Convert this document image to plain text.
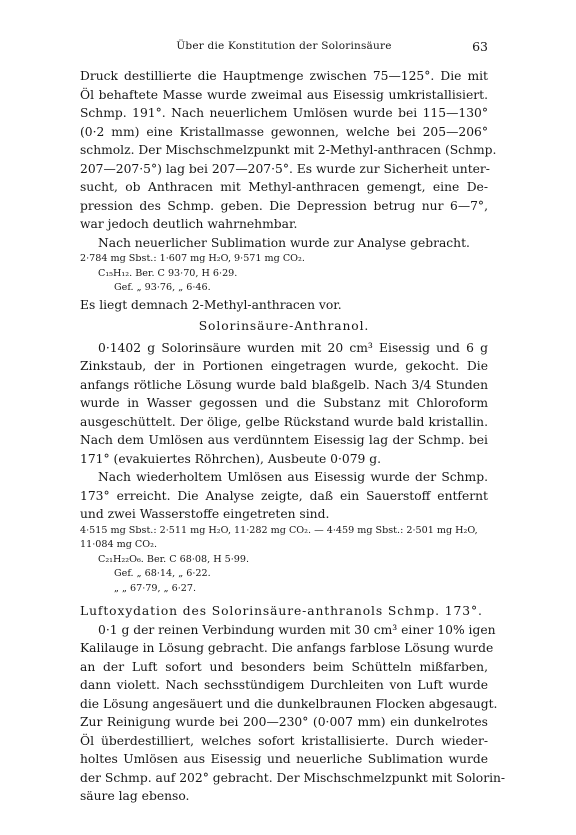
Über die Konstitution der Solorinsäure	63
Druck destillierte die Hauptmenge zwischen 75—125°. Die mit
Öl behaftete Masse wurde zweimal aus Eisessig umkristallisiert.
Schmp. 191°. Nach neuerlichem Umlösen wurde bei 115—130°
(0·2 mm) eine Kristallmasse gewonnen, welche bei 205—206°
schmolz. Der Mischschmelzpunkt mit 2-Methyl-anthracen (Schmp.
207—207·5°) lag bei 207—207·5°. Es wurde zur Sicherheit unter-
sucht, ob Anthracen mit Methyl-anthracen gemengt, eine De-
pression des Schmp. geben. Die Depression betrug nur 6—7°,
war jedoch deutlich wahrnehmbar.
Nach neuerlicher Sublimation wurde zur Analyse gebracht.
2·784 mg Sbst.: 1·607 mg H₂O, 9·571 mg CO₂.
C₁₅H₁₂. Ber. C 93·70, H 6·29.
Gef. „ 93·76, „ 6·46.
Es liegt demnach 2-Methyl-anthracen vor.
Solorinsäure-Anthranol.
0·1402 g Solorinsäure wurden mit 20 cm³ Eisessig und 6 g
Zinkstaub, der in Portionen eingetragen wurde, gekocht. Die
anfangs rötliche Lösung wurde bald blaßgelb. Nach 3/4 Stunden
wurde in Wasser gegossen und die Substanz mit Chloroform
ausgeschüttelt. Der ölige, gelbe Rückstand wurde bald kristallin.
Nach dem Umlösen aus verdünntem Eisessig lag der Schmp. bei
171° (evakuiertes Röhrchen), Ausbeute 0·079 g.
Nach wiederholtem Umlösen aus Eisessig wurde der Schmp.
173° erreicht. Die Analyse zeigte, daß ein Sauerstoff entfernt
und zwei Wasserstoffe eingetreten sind.
4·515 mg Sbst.: 2·511 mg H₂O, 11·282 mg CO₂. — 4·459 mg Sbst.: 2·501 mg H₂O,
11·084 mg CO₂.
C₂₁H₂₂O₆. Ber. C 68·08, H 5·99.
Gef. „ 68·14, „ 6·22.
„ „ 67·79, „ 6·27.
Luftoxydation des Solorinsäure-anthranols Schmp. 173°.
0·1 g der reinen Verbindung wurden mit 30 cm³ einer 10% igen
Kalilauge in Lösung gebracht. Die anfangs farblose Lösung wurde
an der Luft sofort und besonders beim Schütteln mißfarben,
dann violett. Nach sechsstündigem Durchleiten von Luft wurde
die Lösung angesäuert und die dunkelbraunen Flocken abgesaugt.
Zur Reinigung wurde bei 200—230° (0·007 mm) ein dunkelrotes
Öl überdestilliert, welches sofort kristallisierte. Durch wieder-
holtes Umlösen aus Eisessig und neuerliche Sublimation wurde
der Schmp. auf 202° gebracht. Der Mischschmelzpunkt mit Solorin-
säure lag ebenso.
